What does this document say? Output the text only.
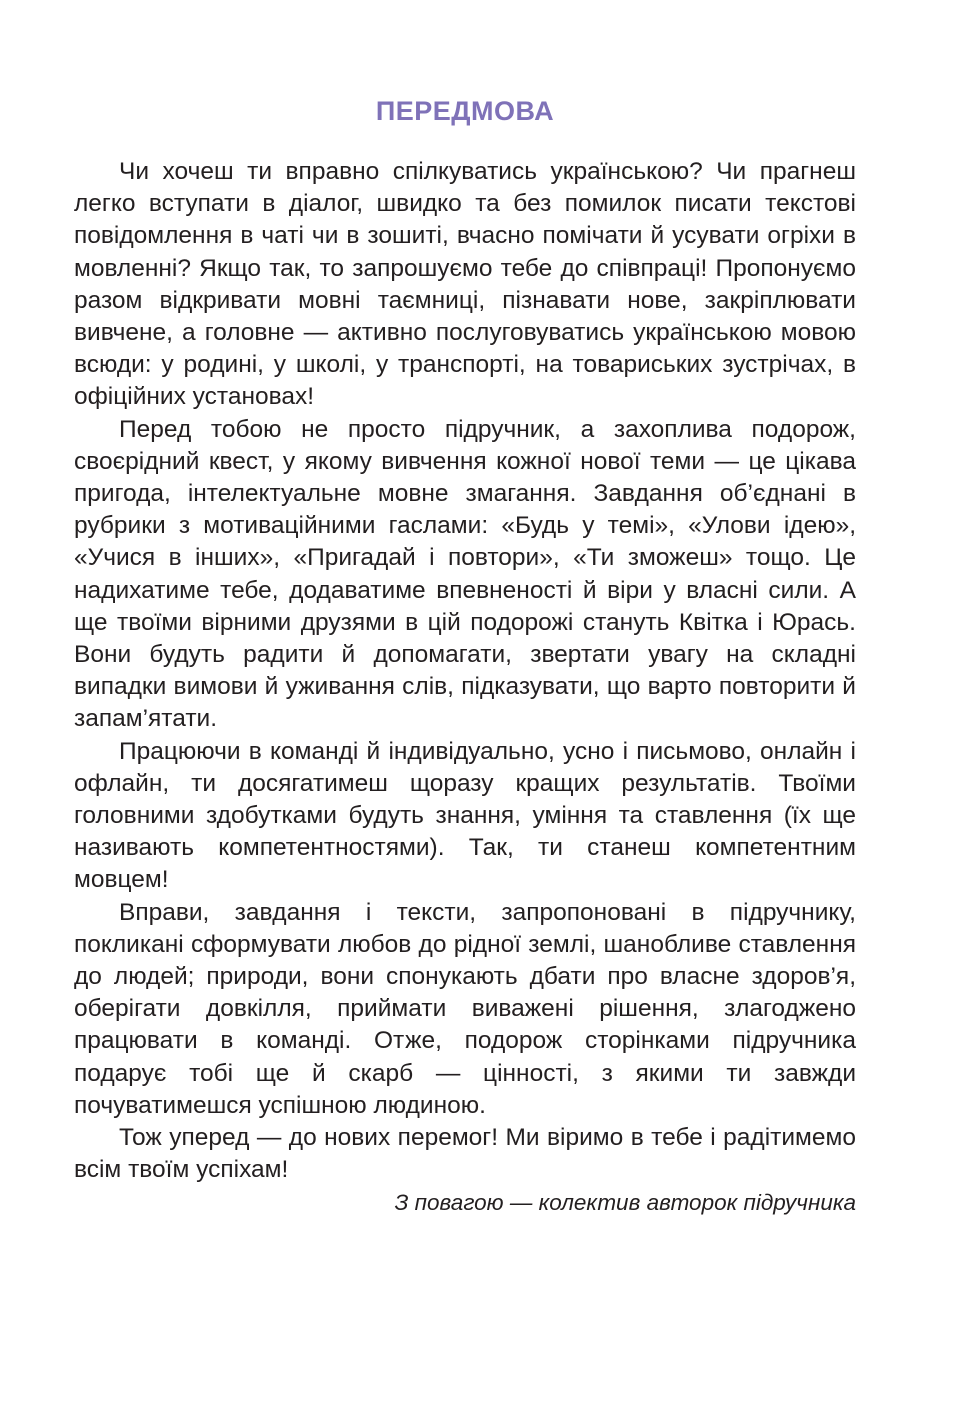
ПЕРЕДМОВА

Чи хочеш ти вправно спілкуватись українською? Чи прагнеш легко вступати в діалог, швидко та без помилок писати текстові повідомлення в чаті чи в зошиті, вчасно помічати й усувати огріхи в мовленні? Якщо так, то запрошуємо тебе до співпраці! Пропонуємо разом відкривати мовні таємниці, пізнавати нове, закріплювати вивчене, а головне — активно послуговуватись українською мовою всюди: у родині, у школі, у транспорті, на товариських зустрічах, в офіційних установах!

Перед тобою не просто підручник, а захоплива подорож, своєрідний квест, у якому вивчення кожної нової теми — це цікава пригода, інтелектуальне мовне змагання. Завдання об’єднані в рубрики з мотиваційними гаслами: «Будь у темі», «Улови ідею», «Учися в інших», «Пригадай і повтори», «Ти зможеш» тощо. Це надихатиме тебе, додаватиме впевненості й віри у власні сили. А ще твоїми вірними друзями в цій подорожі стануть Квітка і Юрась. Вони будуть радити й допомагати, звертати увагу на складні випадки вимови й уживання слів, підказувати, що варто повторити й запам’ятати.

Працюючи в команді й індивідуально, усно і письмово, онлайн і офлайн, ти досягатимеш щоразу кращих результатів. Твоїми головними здобутками будуть знання, уміння та ставлення (їх ще називають компетентностями). Так, ти станеш компетентним мовцем!

Вправи, завдання і тексти, запропоновані в підручнику, покликані сформувати любов до рідної землі, шанобливе ставлення до людей; природи, вони спонукають дбати про власне здоров’я, оберігати довкілля, приймати виважені рішення, злагоджено працювати в команді. Отже, подорож сторінками підручника подарує тобі ще й скарб — цінності, з якими ти завжди почуватимешся успішною людиною.

Тож уперед — до нових перемог! Ми віримо в тебе і радітимемо всім твоїм успіхам!

З повагою — колектив авторок підручника
